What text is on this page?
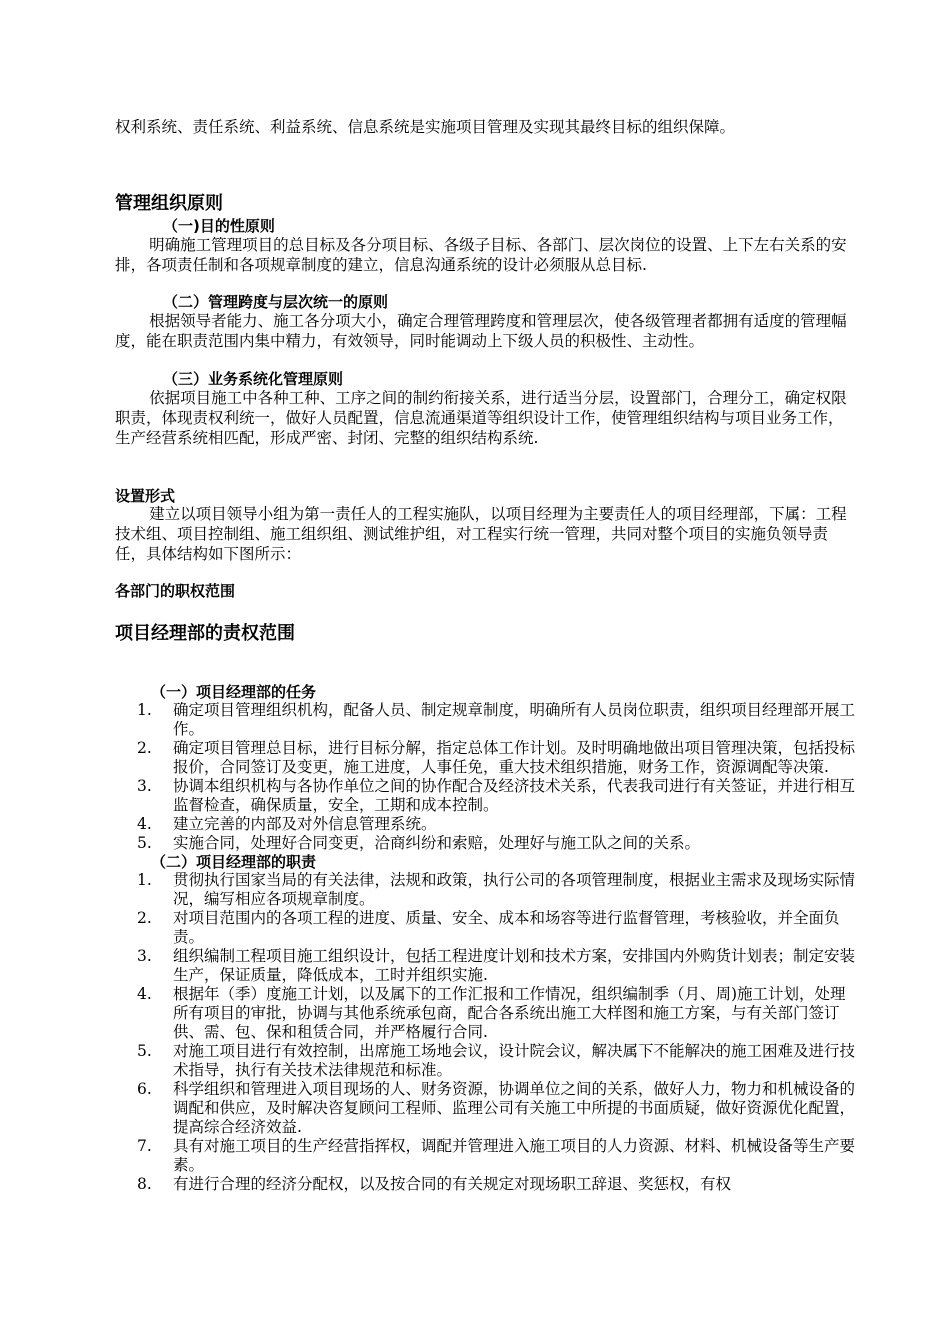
权利系统、责任系统、利益系统、信息系统是实施项目管理及实现其最终目标的组织保障。
管理组织原则
（一)目的性原则
明确施工管理项目的总目标及各分项目标、各级子目标、各部门、层次岗位的设置、上下左右关系的安排，各项责任制和各项规章制度的建立，信息沟通系统的设计必须服从总目标.
（二）管理跨度与层次统一的原则
根据领导者能力、施工各分项大小，确定合理管理跨度和管理层次，使各级管理者都拥有适度的管理幅度，能在职责范围内集中精力，有效领导，同时能调动上下级人员的积极性、主动性。
（三）业务系统化管理原则
依据项目施工中各种工种、工序之间的制约衔接关系，进行适当分层，设置部门，合理分工，确定权限职责，体现责权利统一，做好人员配置，信息流通渠道等组织设计工作，使管理组织结构与项目业务工作，生产经营系统相匹配，形成严密、封闭、完整的组织结构系统.
设置形式
建立以项目领导小组为第一责任人的工程实施队，以项目经理为主要责任人的项目经理部，下属：工程技术组、项目控制组、施工组织组、测试维护组，对工程实行统一管理，共同对整个项目的实施负领导责任，具体结构如下图所示：
各部门的职权范围
项目经理部的责权范围
（一）项目经理部的任务
1. 确定项目管理组织机构，配备人员、制定规章制度，明确所有人员岗位职责，组织项目经理部开展工作。
2. 确定项目管理总目标，进行目标分解，指定总体工作计划。及时明确地做出项目管理决策，包括投标报价，合同签订及变更，施工进度，人事任免，重大技术组织措施，财务工作，资源调配等决策.
3. 协调本组织机构与各协作单位之间的协作配合及经济技术关系，代表我司进行有关签证，并进行相互监督检查，确保质量，安全，工期和成本控制。
4. 建立完善的内部及对外信息管理系统。
5. 实施合同，处理好合同变更，洽商纠纷和索赔，处理好与施工队之间的关系。
（二）项目经理部的职责
1. 贯彻执行国家当局的有关法律，法规和政策，执行公司的各项管理制度，根据业主需求及现场实际情况，编写相应各项规章制度。
2. 对项目范围内的各项工程的进度、质量、安全、成本和场容等进行监督管理，考核验收，并全面负责。
3. 组织编制工程项目施工组织设计，包括工程进度计划和技术方案，安排国内外购货计划表；制定安装生产，保证质量，降低成本，工时并组织实施.
4. 根据年（季）度施工计划，以及属下的工作汇报和工作情况，组织编制季（月、周)施工计划，处理所有项目的审批，协调与其他系统承包商，配合各系统出施工大样图和施工方案，与有关部门签订供、需、包、保和租赁合同，并严格履行合同.
5. 对施工项目进行有效控制，出席施工场地会议，设计院会议，解决属下不能解决的施工困难及进行技术指导，执行有关技术法律规范和标准。
6. 科学组织和管理进入项目现场的人、财务资源，协调单位之间的关系，做好人力，物力和机械设备的调配和供应，及时解决咨复顾问工程师、监理公司有关施工中所提的书面质疑，做好资源优化配置，提高综合经济效益.
7. 具有对施工项目的生产经营指挥权，调配并管理进入施工项目的人力资源、材料、机械设备等生产要素。
8. 有进行合理的经济分配权，以及按合同的有关规定对现场职工辞退、奖惩权，有权
